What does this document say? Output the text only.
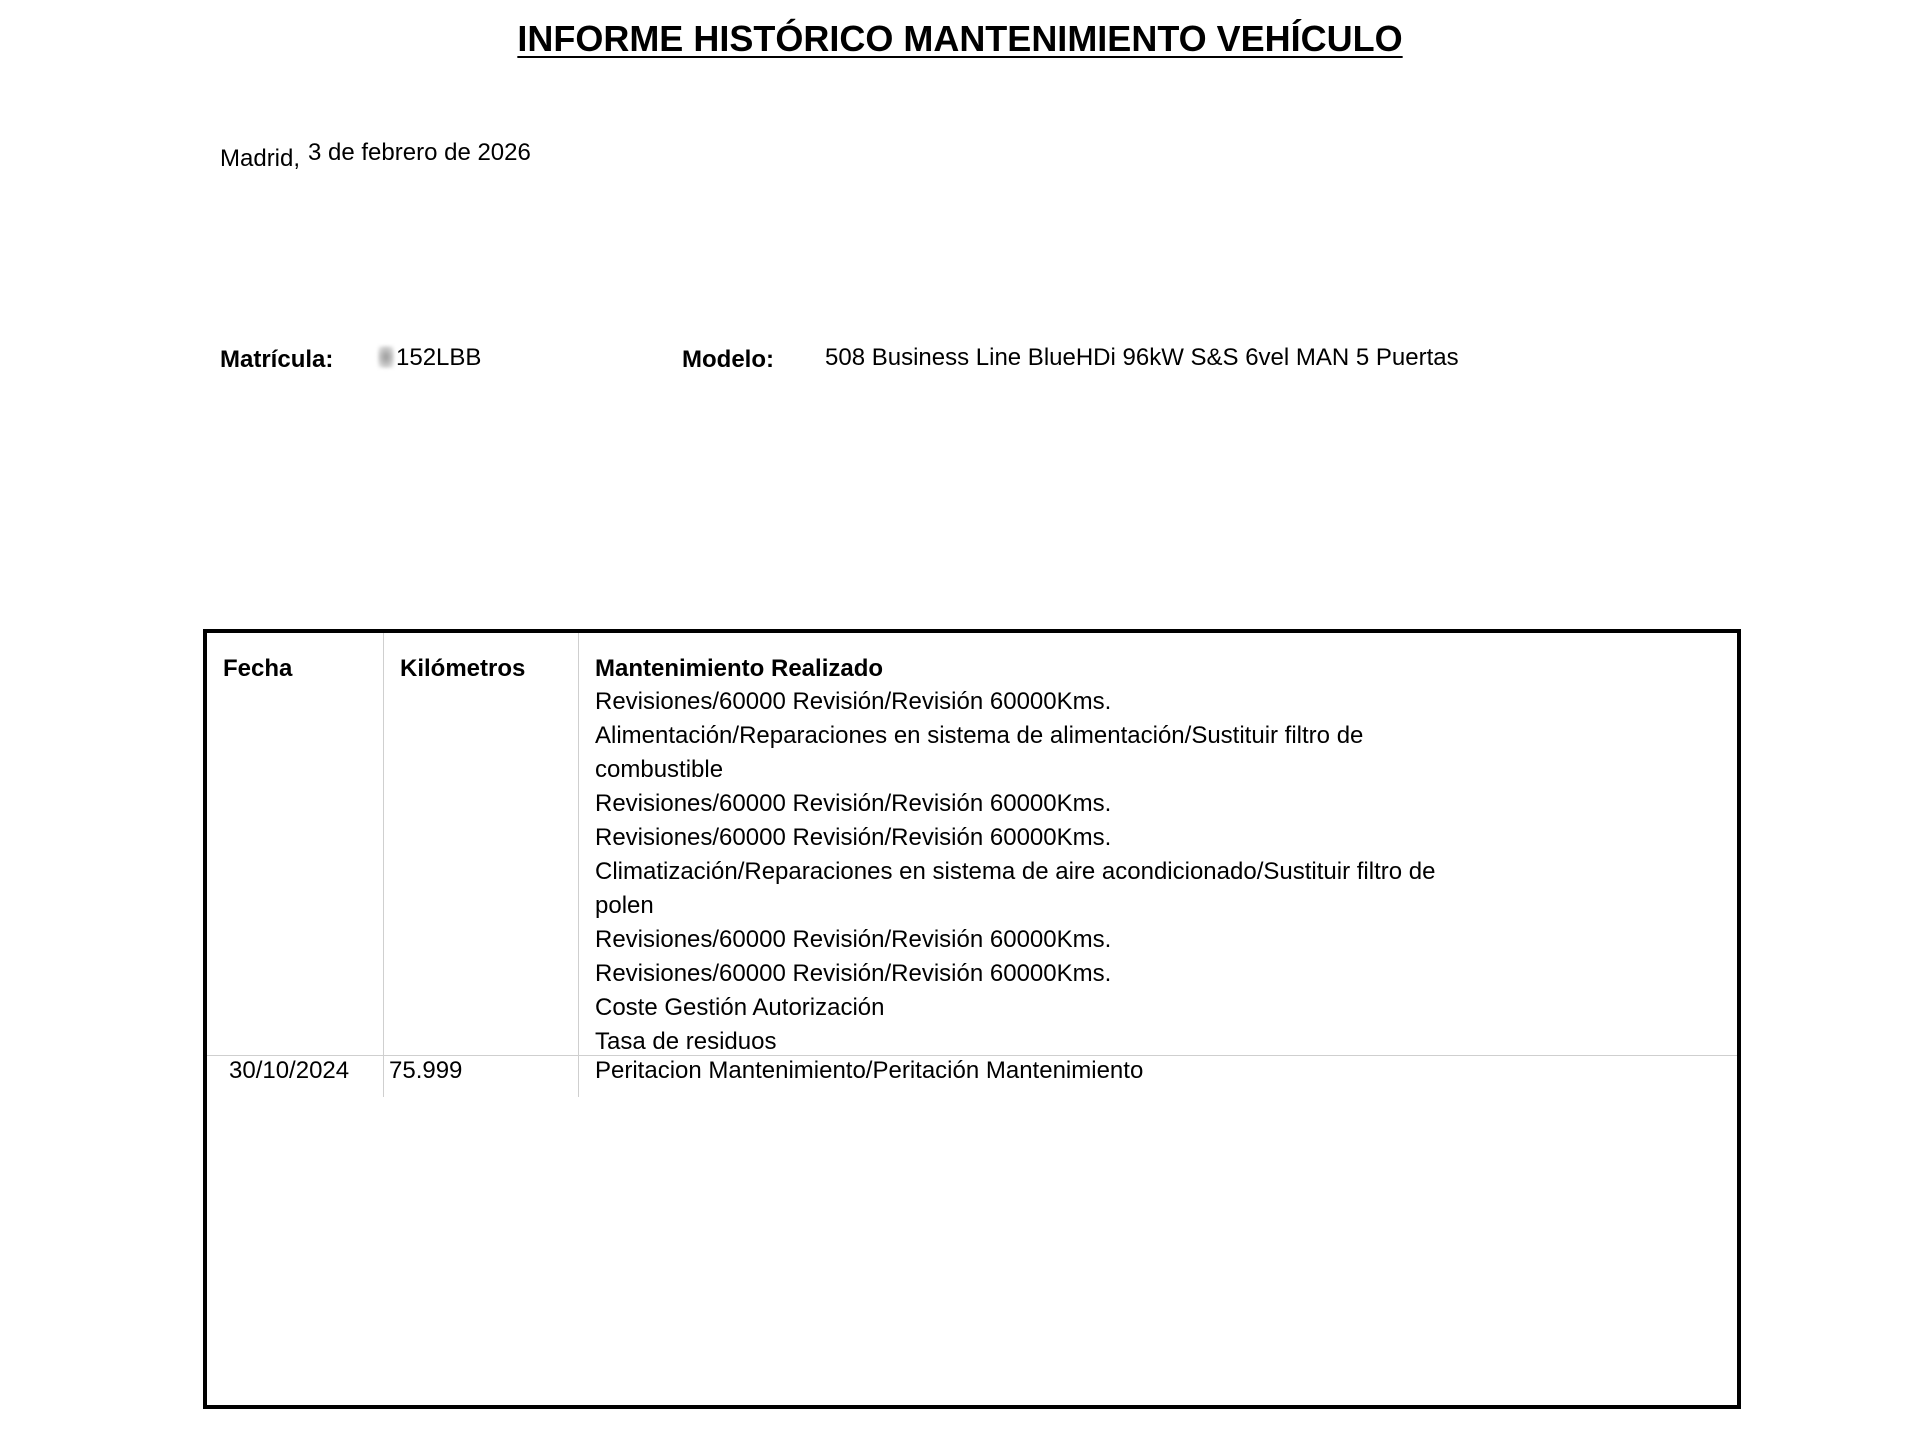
INFORME HISTÓRICO MANTENIMIENTO VEHÍCULO
Madrid, 3 de febrero de 2026
Matrícula:	152LBB	Modelo: 508 Business Line BlueHDi 96kW S&S 6vel MAN 5 Puertas
Fecha	Kilómetros	Mantenimiento Realizado
Revisiones/60000 Revisión/Revisión 60000Kms.
Alimentación/Reparaciones en sistema de alimentación/Sustituir filtro de
combustible
Revisiones/60000 Revisión/Revisión 60000Kms.
Revisiones/60000 Revisión/Revisión 60000Kms.
Climatización/Reparaciones en sistema de aire acondicionado/Sustituir filtro de
polen
Revisiones/60000 Revisión/Revisión 60000Kms.
Revisiones/60000 Revisión/Revisión 60000Kms.
Coste Gestión Autorización
Tasa de residuos
30/10/2024 75.999	Peritacion Mantenimiento/Peritación Mantenimiento
